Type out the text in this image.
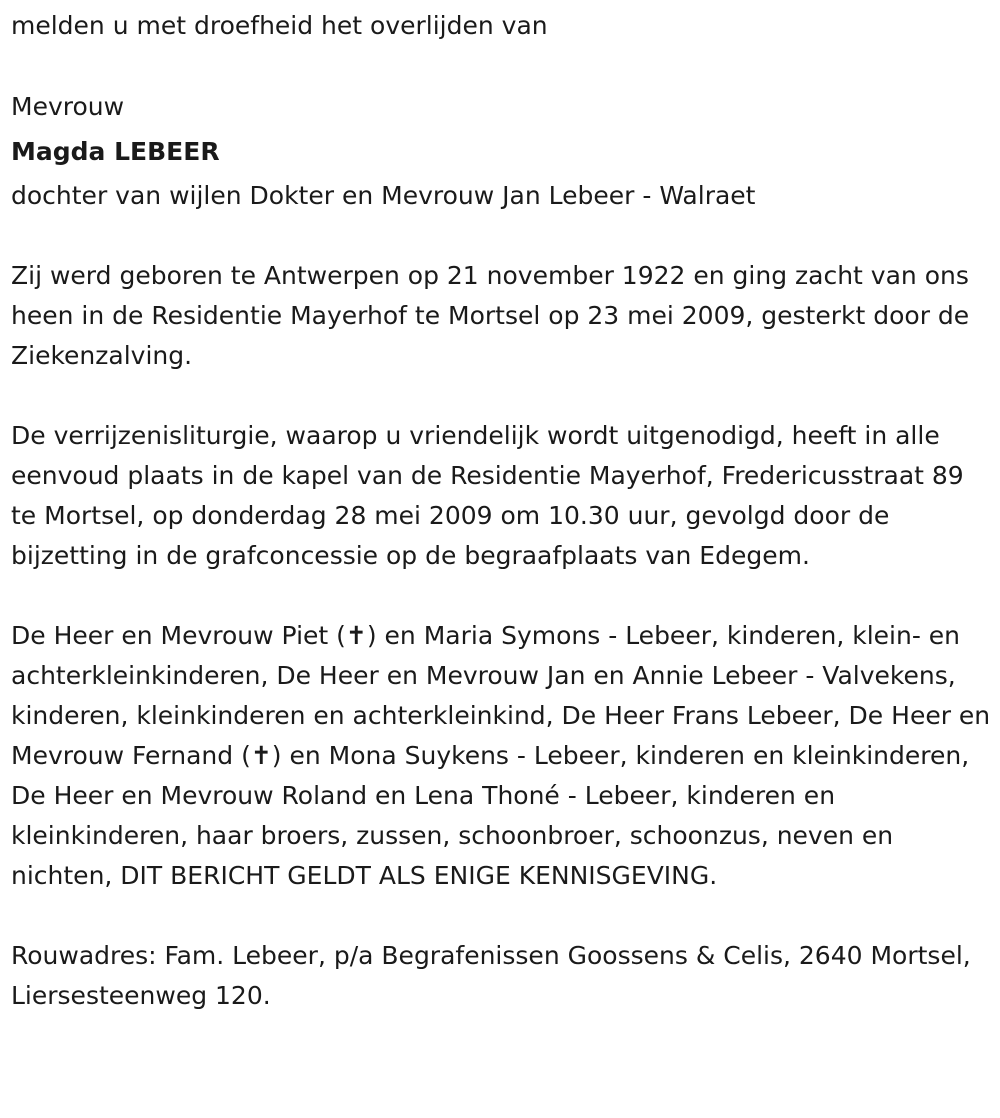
melden u met droefheid het overlijden van

Mevrouw

Magda LEBEER

dochter van wijlen Dokter en Mevrouw Jan Lebeer - Walraet

Zij werd geboren te Antwerpen op 21 november 1922 en ging zacht van ons heen in de Residentie Mayerhof te Mortsel op 23 mei 2009, gesterkt door de Ziekenzalving.

De verrijzenisliturgie, waarop u vriendelijk wordt uitgenodigd, heeft in alle eenvoud plaats in de kapel van de Residentie Mayerhof, Fredericusstraat 89 te Mortsel, op donderdag 28 mei 2009 om 10.30 uur, gevolgd door de bijzetting in de grafconcessie op de begraafplaats van Edegem.

De Heer en Mevrouw Piet (✝) en Maria Symons - Lebeer, kinderen, klein- en achterkleinkinderen, De Heer en Mevrouw Jan en Annie Lebeer - Valvekens, kinderen, kleinkinderen en achterkleinkind, De Heer Frans Lebeer, De Heer en Mevrouw Fernand (✝) en Mona Suykens - Lebeer, kinderen en kleinkinderen, De Heer en Mevrouw Roland en Lena Thoné - Lebeer, kinderen en kleinkinderen, haar broers, zussen, schoonbroer, schoonzus, neven en nichten, DIT BERICHT GELDT ALS ENIGE KENNISGEVING.

Rouwadres: Fam. Lebeer, p/a Begrafenissen Goossens & Celis, 2640 Mortsel, Liersesteenweg 120.
